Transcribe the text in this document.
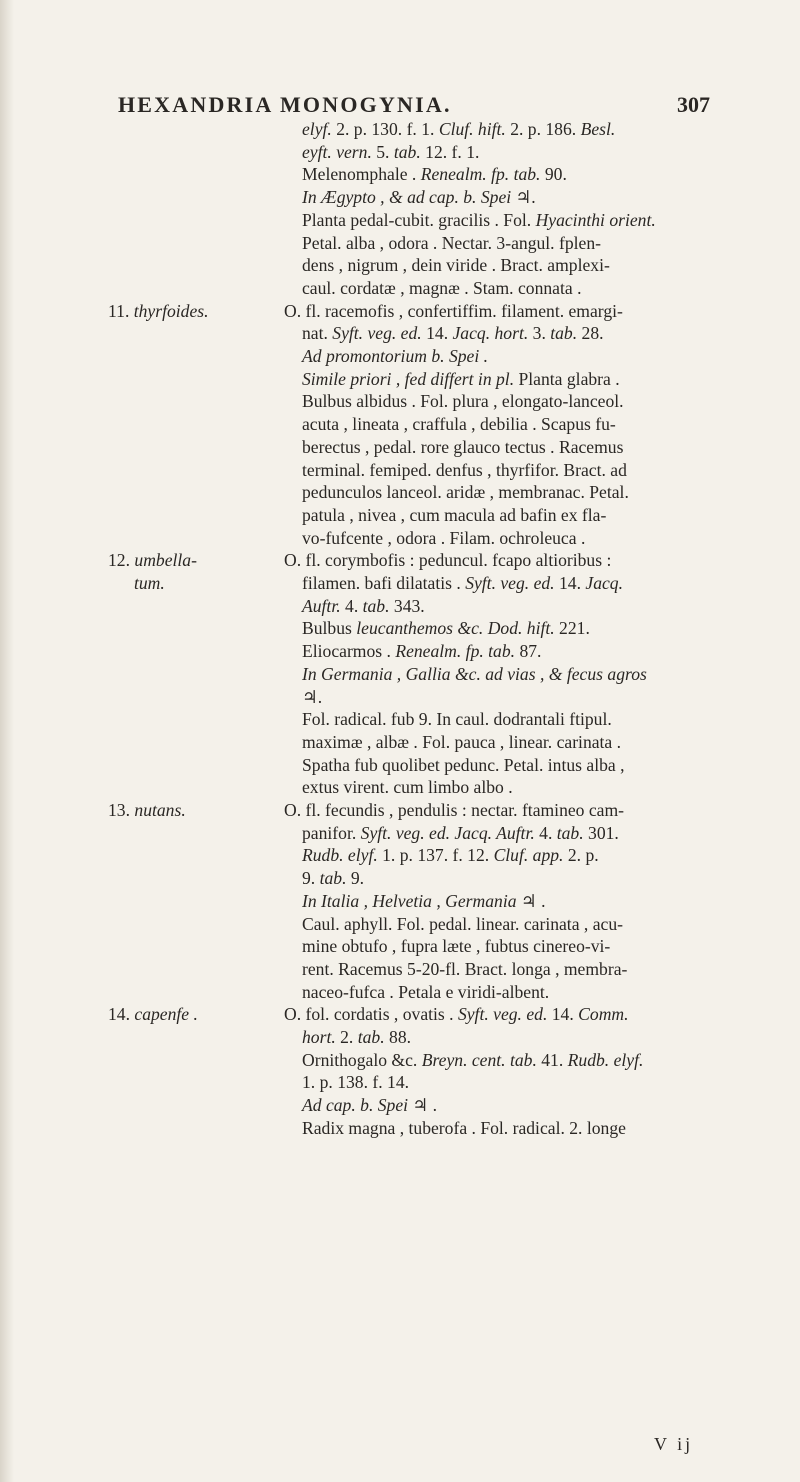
HEXANDRIA MONOGYNIA.	307
elyf. 2. p. 130. f. 1. Cluf. hift. 2. p. 186. Besl.
eyft. vern. 5. tab. 12. f. 1.
Melenomphale . Renealm. fp. tab. 90.
In Ægypto , & ad cap. b. Spei ♃.
Planta pedal-cubit. gracilis . Fol. Hyacinthi orient.
Petal. alba , odora . Nectar. 3-angul. fplen-
dens , nigrum , dein viride . Bract. amplexi-
caul. cordatæ , magnæ . Stam. connata .
11. thyrfoides.	O. fl. racemofis , confertiffim. filament. emargi-
nat. Syft. veg. ed. 14. Jacq. hort. 3. tab. 28.
Ad promontorium b. Spei .
Simile priori , fed differt in pl. Planta glabra .
Bulbus albidus . Fol. plura , elongato-lanceol.
acuta , lineata , craffula , debilia . Scapus fu-
berectus , pedal. rore glauco tectus . Racemus
terminal. femiped. denfus , thyrfifor. Bract. ad
pedunculos lanceol. aridæ , membranac. Petal.
patula , nivea , cum macula ad bafin ex fla-
vo-fufcente , odora . Filam. ochroleuca .
12. umbella-
tum.
O. fl. corymbofis : peduncul. fcapo altioribus :
filamen. bafi dilatatis . Syft. veg. ed. 14. Jacq.
Auftr. 4. tab. 343.
Bulbus leucanthemos &c. Dod. hift. 221.
Eliocarmos . Renealm. fp. tab. 87.
In Germania , Gallia &c. ad vias , & fecus agros
♃.
Fol. radical. fub 9. In caul. dodrantali ftipul.
maximæ , albæ . Fol. pauca , linear. carinata .
Spatha fub quolibet pedunc. Petal. intus alba ,
extus virent. cum limbo albo .
13. nutans.	O. fl. fecundis , pendulis : nectar. ftamineo cam-
panifor. Syft. veg. ed. Jacq. Auftr. 4. tab. 301.
Rudb. elyf. 1. p. 137. f. 12. Cluf. app. 2. p.
9. tab. 9.
In Italia , Helvetia , Germania ♃ .
Caul. aphyll. Fol. pedal. linear. carinata , acu-
mine obtufo , fupra læte , fubtus cinereo-vi-
rent. Racemus 5-20-fl. Bract. longa , membra-
naceo-fufca . Petala e viridi-albent.
14. capenfe .	O. fol. cordatis , ovatis . Syft. veg. ed. 14. Comm.
hort. 2. tab. 88.
Ornithogalo &c. Breyn. cent. tab. 41. Rudb. elyf.
1. p. 138. f. 14.
Ad cap. b. Spei ♃ .
Radix magna , tuberofa . Fol. radical. 2. longe
V ij
